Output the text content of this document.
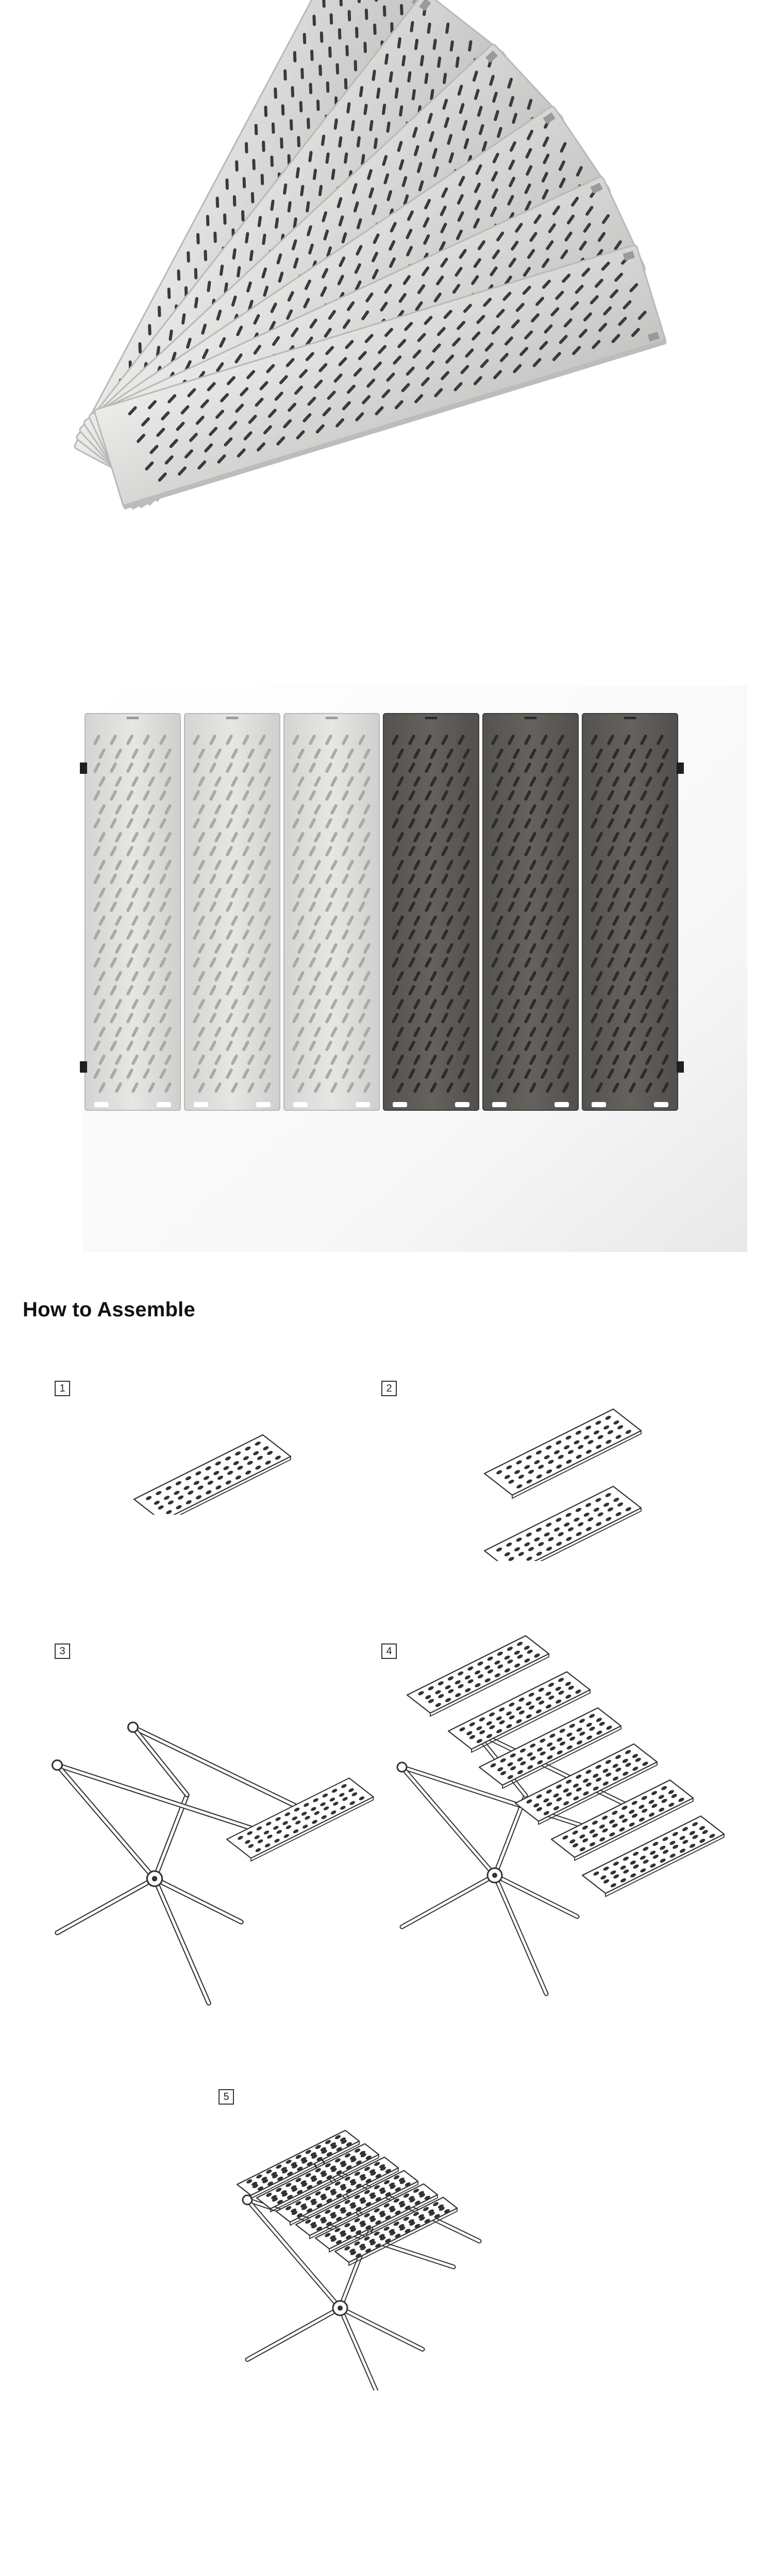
How to Assemble
1	2
3	4
5
